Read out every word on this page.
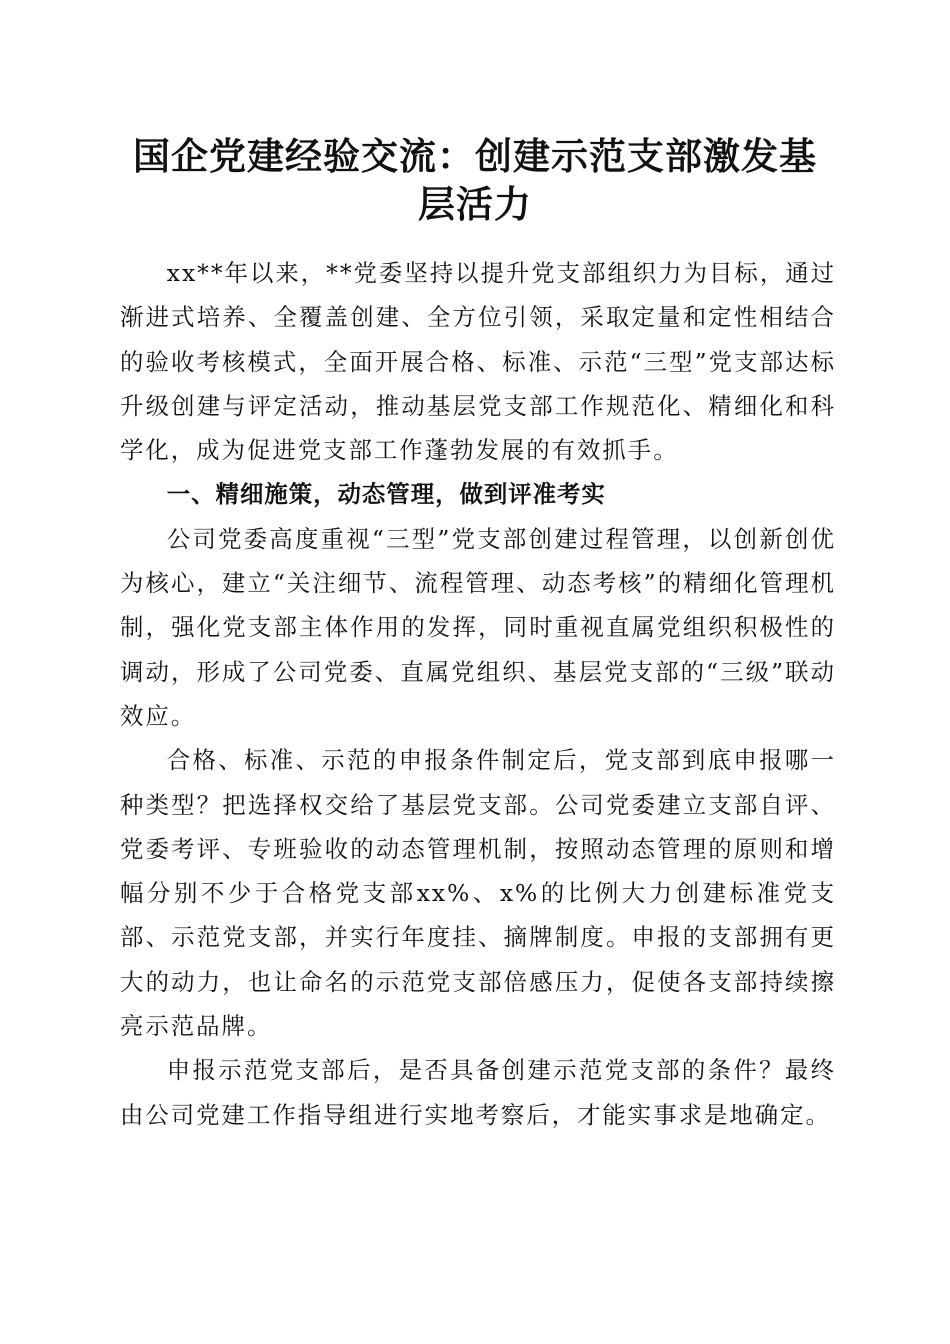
国企党建经验交流：创建示范支部激发基层活力

xx**年以来，**党委坚持以提升党支部组织力为目标，通过渐进式培养、全覆盖创建、全方位引领，采取定量和定性相结合的验收考核模式，全面开展合格、标准、示范“三型”党支部达标升级创建与评定活动，推动基层党支部工作规范化、精细化和科学化，成为促进党支部工作蓬勃发展的有效抓手。

一、精细施策，动态管理，做到评准考实

公司党委高度重视“三型”党支部创建过程管理，以创新创优为核心，建立“关注细节、流程管理、动态考核”的精细化管理机制，强化党支部主体作用的发挥，同时重视直属党组织积极性的调动，形成了公司党委、直属党组织、基层党支部的“三级”联动效应。

合格、标准、示范的申报条件制定后，党支部到底申报哪一种类型？把选择权交给了基层党支部。公司党委建立支部自评、党委考评、专班验收的动态管理机制，按照动态管理的原则和增幅分别不少于合格党支部xx%、x%的比例大力创建标准党支部、示范党支部，并实行年度挂、摘牌制度。申报的支部拥有更大的动力，也让命名的示范党支部倍感压力，促使各支部持续擦亮示范品牌。

申报示范党支部后，是否具备创建示范党支部的条件？最终由公司党建工作指导组进行实地考察后，才能实事求是地确定。
